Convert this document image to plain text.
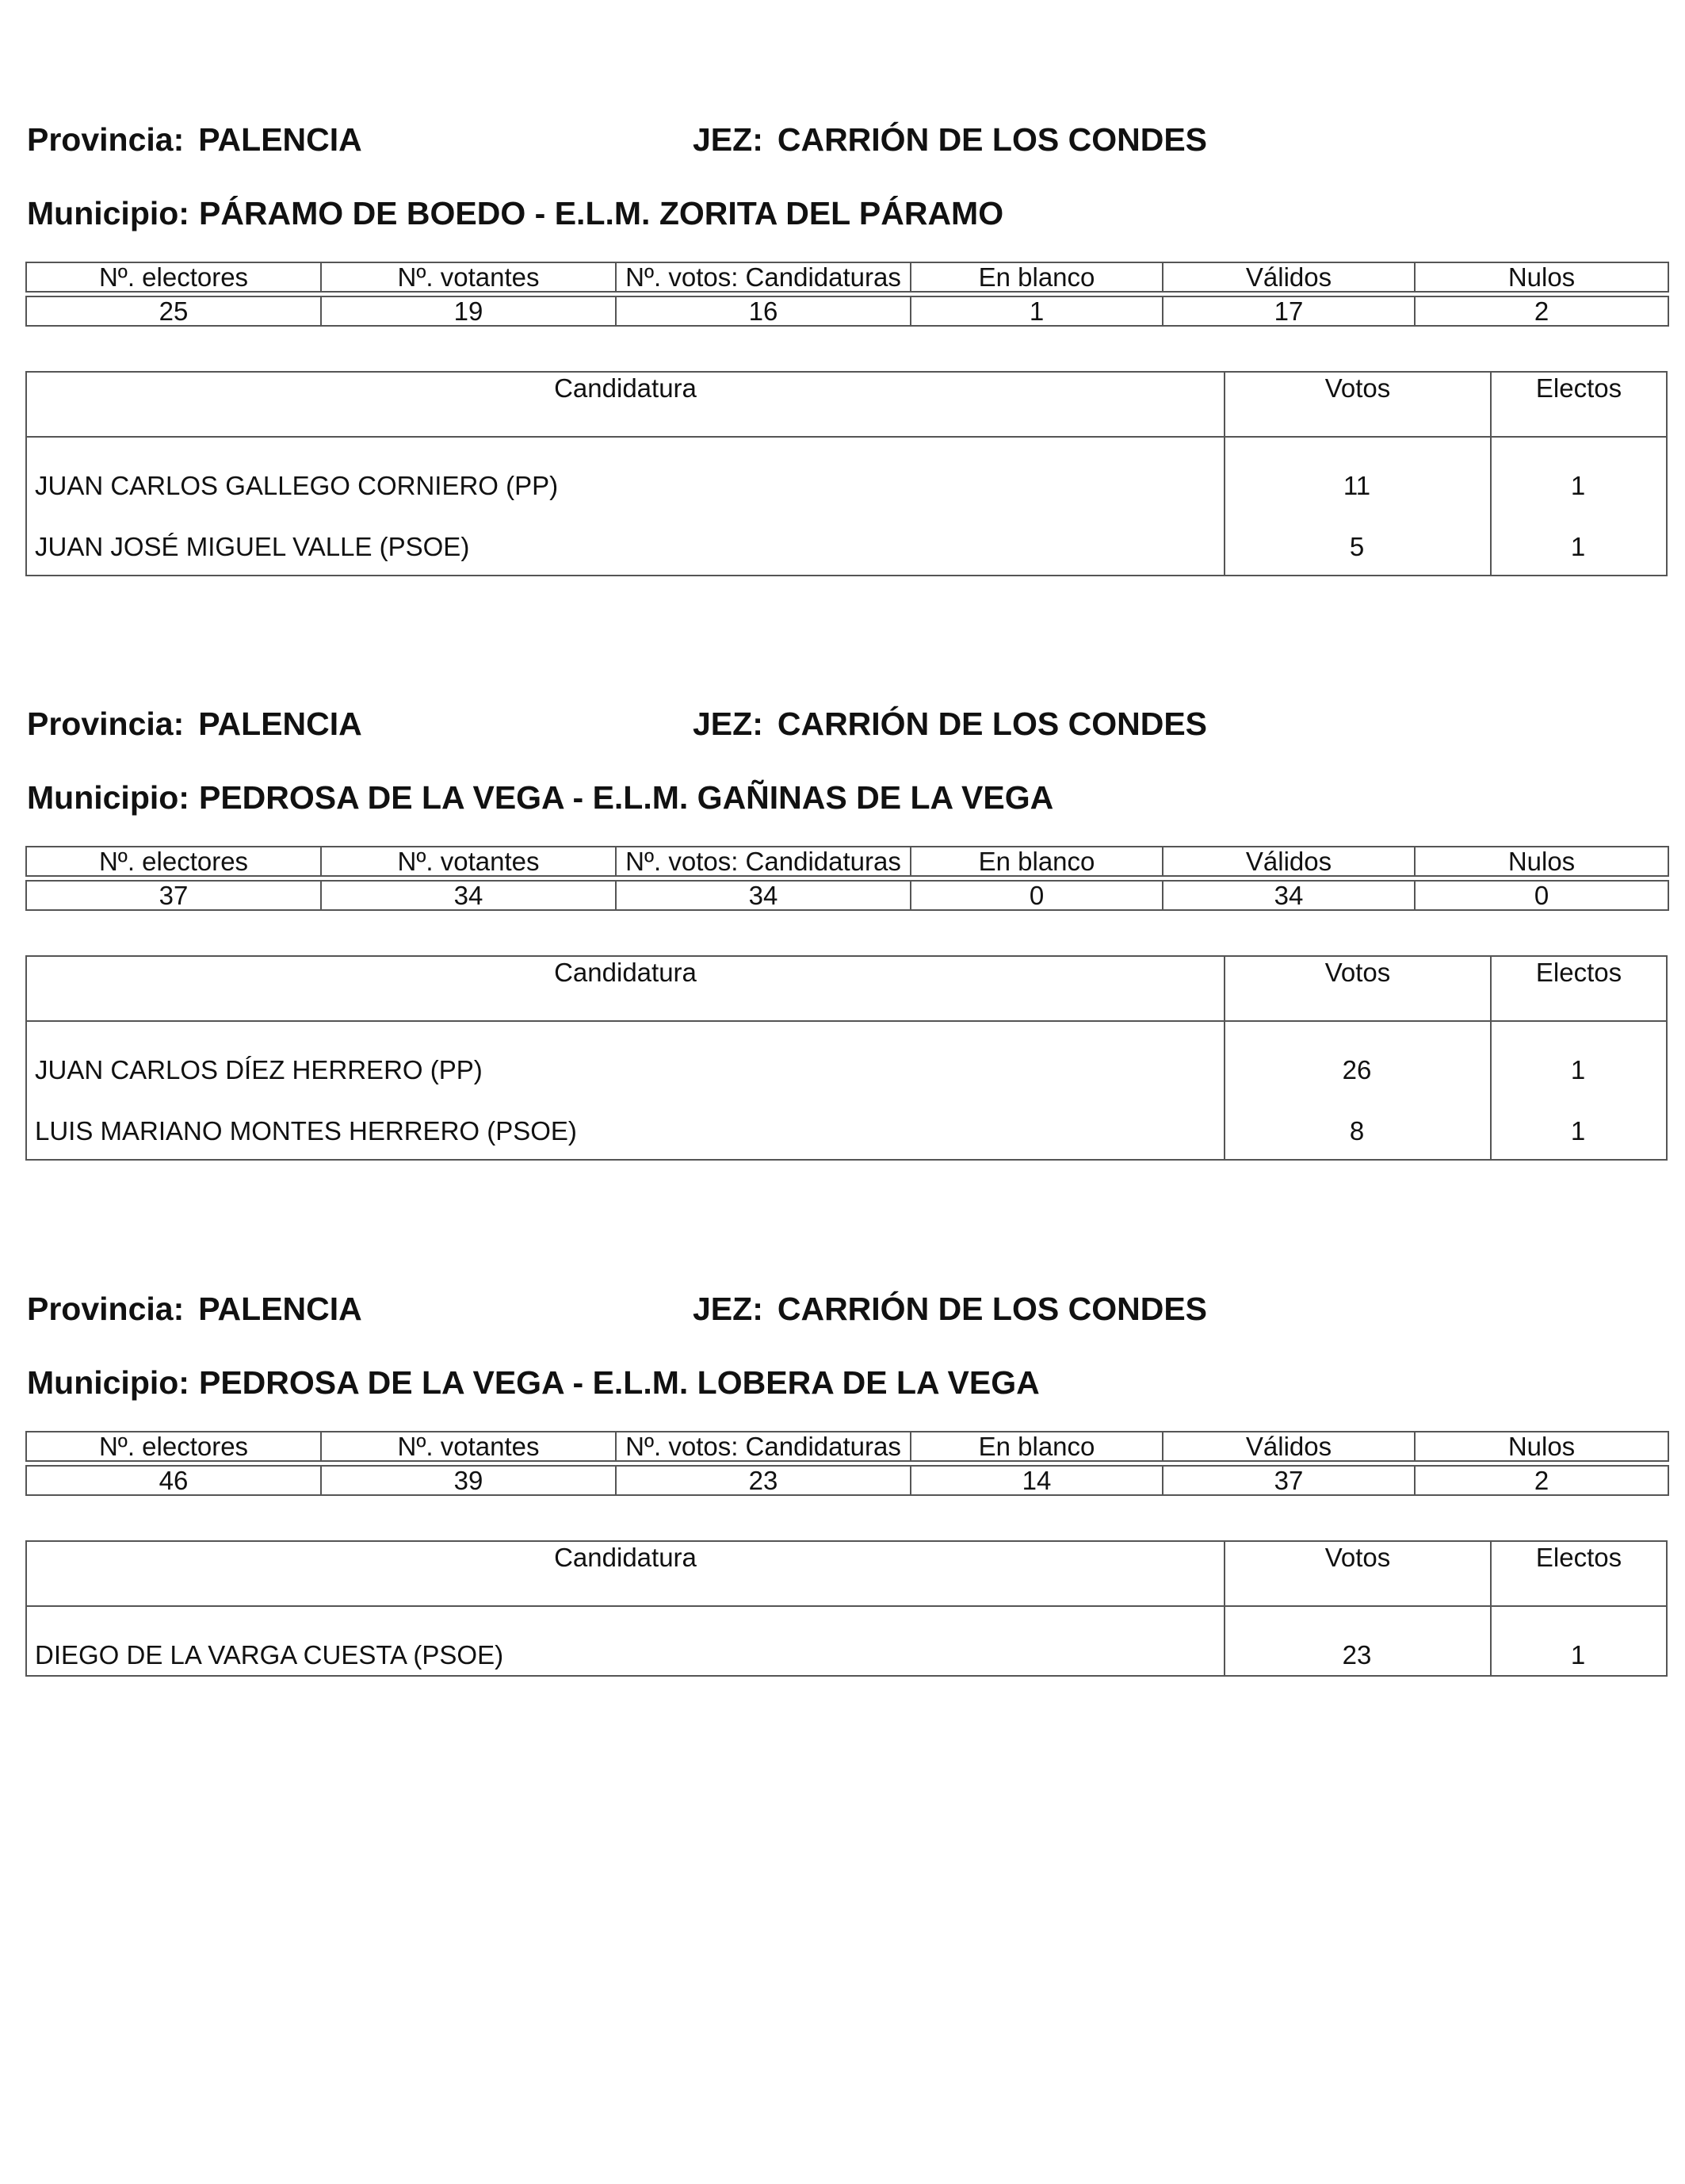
Provincia: PALENCIA	JEZ: CARRIÓN DE LOS CONDES
Municipio: PÁRAMO DE BOEDO - E.L.M. ZORITA DEL PÁRAMO
Nº. electores	Nº. votantes	Nº. votos: Candidaturas	En blanco	Válidos	Nulos

25	19	16	1	17	2
Candidatura	Votos	Electos
JUAN CARLOS GALLEGO CORNIERO (PP)	11	1
JUAN JOSÉ MIGUEL VALLE (PSOE)	5	1
Provincia: PALENCIA	JEZ: CARRIÓN DE LOS CONDES
Municipio: PEDROSA DE LA VEGA - E.L.M. GAÑINAS DE LA VEGA
Nº. electores	Nº. votantes	Nº. votos: Candidaturas	En blanco	Válidos	Nulos

37	34	34	0	34	0
Candidatura	Votos	Electos
JUAN CARLOS DÍEZ HERRERO (PP)	26	1
LUIS MARIANO MONTES HERRERO (PSOE)	8	1
Provincia: PALENCIA	JEZ: CARRIÓN DE LOS CONDES
Municipio: PEDROSA DE LA VEGA - E.L.M. LOBERA DE LA VEGA
Nº. electores	Nº. votantes	Nº. votos: Candidaturas	En blanco	Válidos	Nulos

46	39	23	14	37	2
Candidatura	Votos	Electos
DIEGO DE LA VARGA CUESTA (PSOE)	23	1
